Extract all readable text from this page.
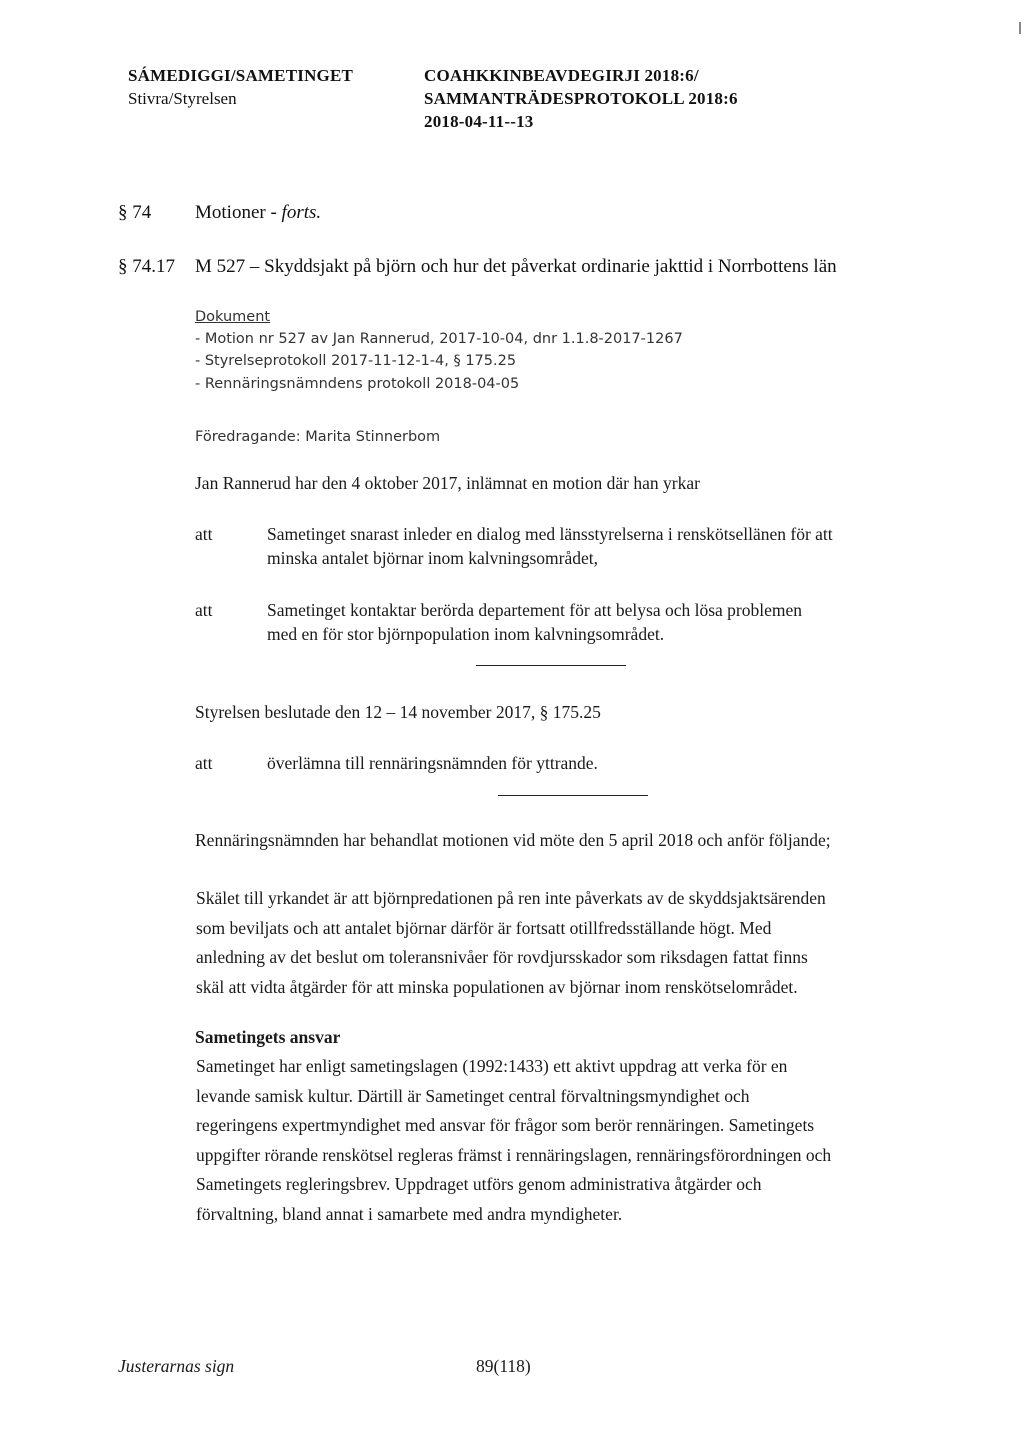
SÁMEDIGGI/SAMETINGET
Stivra/Styrelsen
COAHKKINBEAVDEGIRJI 2018:6/
SAMMANTRÄDESPROTOKOLL 2018:6
2018-04-11--13
§ 74 Motioner - forts.
§ 74.17 M 527 – Skyddsjakt på björn och hur det påverkat ordinarie jakttid i Norrbottens län
Dokument
- Motion nr 527 av Jan Rannerud, 2017-10-04, dnr 1.1.8-2017-1267
- Styrelseprotokoll 2017-11-12-1-4, § 175.25
- Rennäringsnämndens protokoll 2018-04-05
Föredragande: Marita Stinnerbom
Jan Rannerud har den 4 oktober 2017, inlämnat en motion där han yrkar
att	Sametinget snarast inleder en dialog med länsstyrelserna i renskötsellänen för att
minska antalet björnar inom kalvningsområdet,
att	Sametinget kontaktar berörda departement för att belysa och lösa problemen
med en för stor björnpopulation inom kalvningsområdet.
Styrelsen beslutade den 12 – 14 november 2017, § 175.25
att	överlämna till rennäringsnämnden för yttrande.
Rennäringsnämnden har behandlat motionen vid möte den 5 april 2018 och anför följande;
Skälet till yrkandet är att björnpredationen på ren inte påverkats av de skyddsjaktsärenden
som beviljats och att antalet björnar därför är fortsatt otillfredsställande högt. Med
anledning av det beslut om toleransnivåer för rovdjursskador som riksdagen fattat finns
skäl att vidta åtgärder för att minska populationen av björnar inom renskötselområdet.
Sametingets ansvar
Sametinget har enligt sametingslagen (1992:1433) ett aktivt uppdrag att verka för en
levande samisk kultur. Därtill är Sametinget central förvaltningsmyndighet och
regeringens expertmyndighet med ansvar för frågor som berör rennäringen. Sametingets
uppgifter rörande renskötsel regleras främst i rennäringslagen, rennäringsförordningen och
Sametingets regleringsbrev. Uppdraget utförs genom administrativa åtgärder och
förvaltning, bland annat i samarbete med andra myndigheter.
Justerarnas sign	89(118)
